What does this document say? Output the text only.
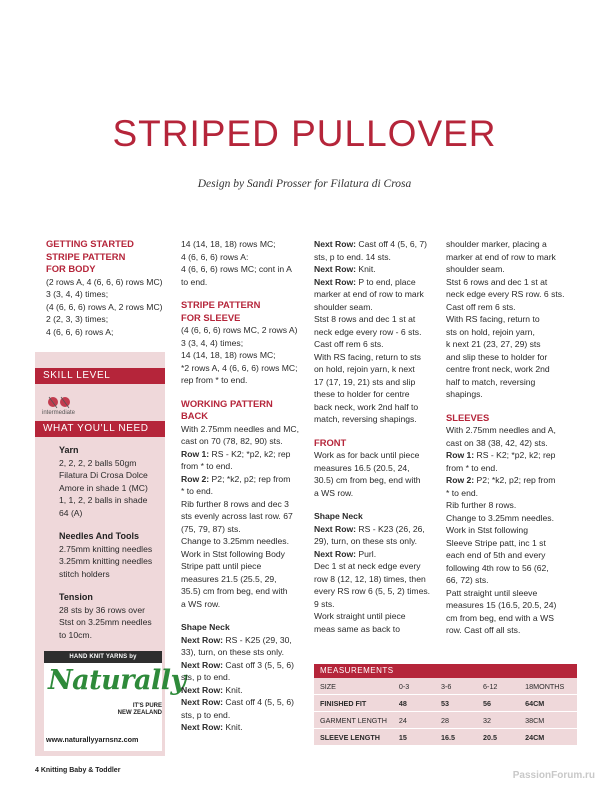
STRIPED PULLOVER
Design by Sandi Prosser for Filatura di Crosa

GETTING STARTED

STRIPE PATTERN

FOR BODY

(2 rows A, 4 (6, 6, 6) rows MC)

3 (3, 4, 4) times;

(4 (6, 6, 6) rows A, 2 rows MC)

2 (2, 3, 3) times;

4 (6, 6, 6) rows A;

SKILL LEVEL
intermediate
WHAT YOU'LL NEED

Yarn

2, 2, 2, 2 balls 50gm

Filatura Di Crosa Dolce

Amore in shade 1 (MC)

1, 1, 2, 2 balls in shade

64 (A)

Needles And Tools

2.75mm knitting needles

3.25mm knitting needles

stitch holders

Tension

28 sts by 36 rows over

Stst on 3.25mm needles

to 10cm.

HAND KNIT YARNS by
Naturally
IT'S PURE
NEW ZEALAND
www.naturallyyarnsnz.com

14 (14, 18, 18) rows MC;

4 (6, 6, 6) rows A:

4 (6, 6, 6) rows MC; cont in A

to end.

STRIPE PATTERN

FOR SLEEVE

(4 (6, 6, 6) rows MC, 2 rows A)

3 (3, 4, 4) times;

14 (14, 18, 18) rows MC;

*2 rows A, 4 (6, 6, 6) rows MC;

rep from * to end.

WORKING PATTERN

BACK

With 2.75mm needles and MC,

cast on 70 (78, 82, 90) sts.

Row 1: RS - K2; *p2, k2; rep

from * to end.

Row 2: P2; *k2, p2; rep from

* to end.

Rib further 8 rows and dec 3

sts evenly across last row. 67

(75, 79, 87) sts.

Change to 3.25mm needles.

Work in Stst following Body

Stripe patt until piece

measures 21.5 (25.5, 29,

35.5) cm from beg, end with

a WS row.

Shape Neck

Next Row: RS - K25 (29, 30,

33), turn, on these sts only.

Next Row: Cast off 3 (5, 5, 6)

sts, p to end.

Next Row: Knit.

Next Row: Cast off 4 (5, 5, 6)

sts, p to end.

Next Row: Knit.

Next Row: Cast off 4 (5, 6, 7)

sts, p to end. 14 sts.

Next Row: Knit.

Next Row: P to end, place

marker at end of row to mark

shoulder seam.

Stst 8 rows and dec 1 st at

neck edge every row - 6 sts.

Cast off rem 6 sts.

With RS facing, return to sts

on hold, rejoin yarn, k next

17 (17, 19, 21) sts and slip

these to holder for centre

back neck, work 2nd half to

match, reversing shapings.

FRONT

Work as for back until piece

measures 16.5 (20.5, 24,

30.5) cm from beg, end with

a WS row.

Shape Neck

Next Row: RS - K23 (26, 26,

29), turn, on these sts only.

Next Row: Purl.

Dec 1 st at neck edge every

row 8 (12, 12, 18) times, then

every RS row 6 (5, 5, 2) times.

9 sts.

Work straight until piece

meas same as back to

shoulder marker, placing a

marker at end of row to mark

shoulder seam.

Stst 6 rows and dec 1 st at

neck edge every RS row. 6 sts.

Cast off rem 6 sts.

With RS facing, return to

sts on hold, rejoin yarn,

k next 21 (23, 27, 29) sts

and slip these to holder for

centre front neck, work 2nd

half to match, reversing

shapings.

SLEEVES

With 2.75mm needles and A,

cast on 38 (38, 42, 42) sts.

Row 1: RS - K2; *p2, k2; rep

from * to end.

Row 2: P2; *k2, p2; rep from

* to end.

Rib further 8 rows.

Change to 3.25mm needles.

Work in Stst following

Sleeve Stripe patt, inc 1 st

each end of 5th and every

following 4th row to 56 (62,

66, 72) sts.

Patt straight until sleeve

measures 15 (16.5, 20.5, 24)

cm from beg, end with a WS

row. Cast off all sts.

MEASUREMENTS
SIZE	0-3	3-6	6-12	18MONTHS
FINISHED FIT	48	53	56	64CM
GARMENT LENGTH	24	28	32	38CM
SLEEVE LENGTH	15	16.5	20.5	24CM
4 Knitting Baby & Toddler	PassionForum.ru
